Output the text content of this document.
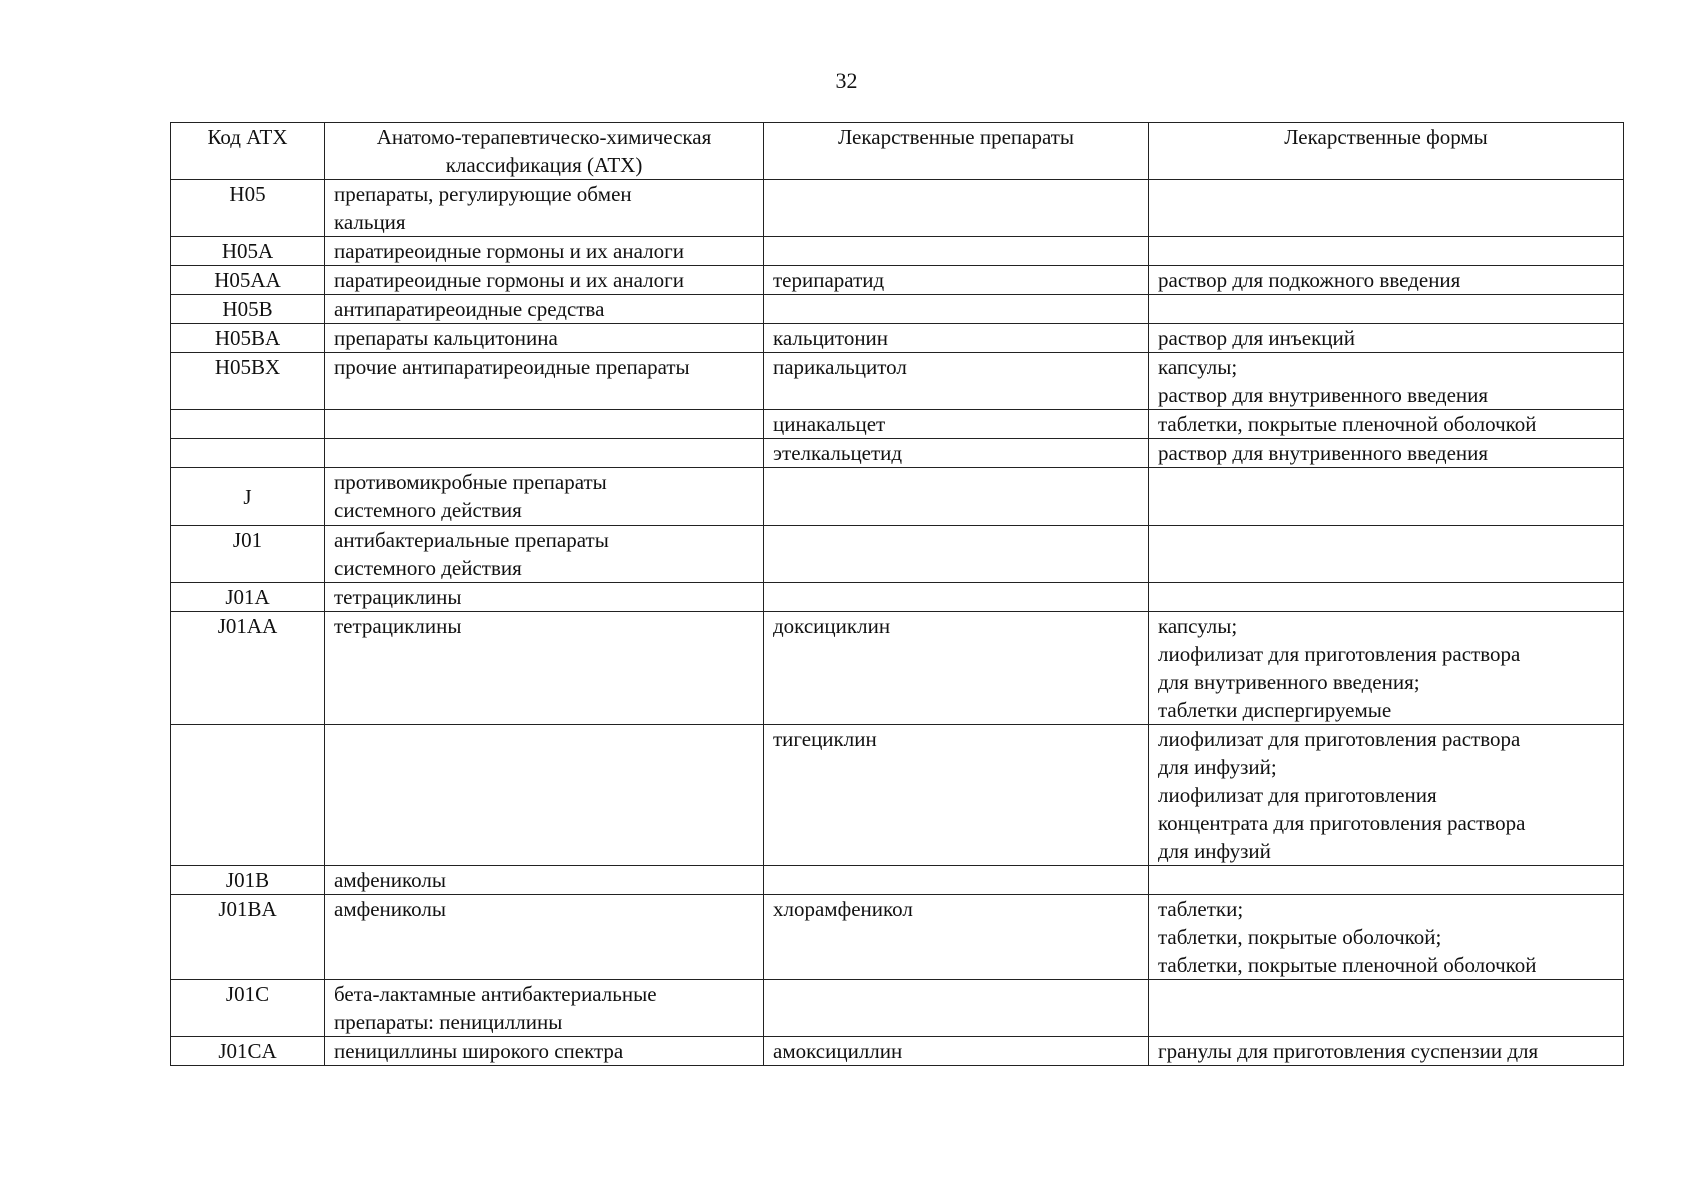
32
Код АТХ	Анатомо-терапевтическо-химическая
классификация (АТХ)	Лекарственные препараты	Лекарственные формы

H05	препараты, регулирующие обмен
кальция		

H05A	паратиреоидные гормоны и их аналоги		
H05AA	паратиреоидные гормоны и их аналоги	терипаратид	раствор для подкожного введения
H05B	антипаратиреоидные средства		
H05BA	препараты кальцитонина	кальцитонин	раствор для инъекций
H05BX	прочие антипаратиреоидные препараты	парикальцитол	капсулы;
раствор для внутривенного введения

		цинакальцет	таблетки, покрытые пленочной оболочкой
		этелкальцетид	раствор для внутривенного введения

J	противомикробные препараты
системного действия		

J01	антибактериальные препараты
системного действия		

J01A	тетрациклины		
J01AA	тетрациклины	доксициклин	капсулы;
лиофилизат для приготовления раствора
для внутривенного введения;
таблетки диспергируемые

		тигециклин	лиофилизат для приготовления раствора
для инфузий;
лиофилизат для приготовления
концентрата для приготовления раствора
для инфузий

J01B	амфениколы		
J01BA	амфениколы	хлорамфеникол	таблетки;
таблетки, покрытые оболочкой;
таблетки, покрытые пленочной оболочкой

J01C	бета-лактамные антибактериальные
препараты: пенициллины		

J01CA	пенициллины широкого спектра	амоксициллин	гранулы для приготовления суспензии для
